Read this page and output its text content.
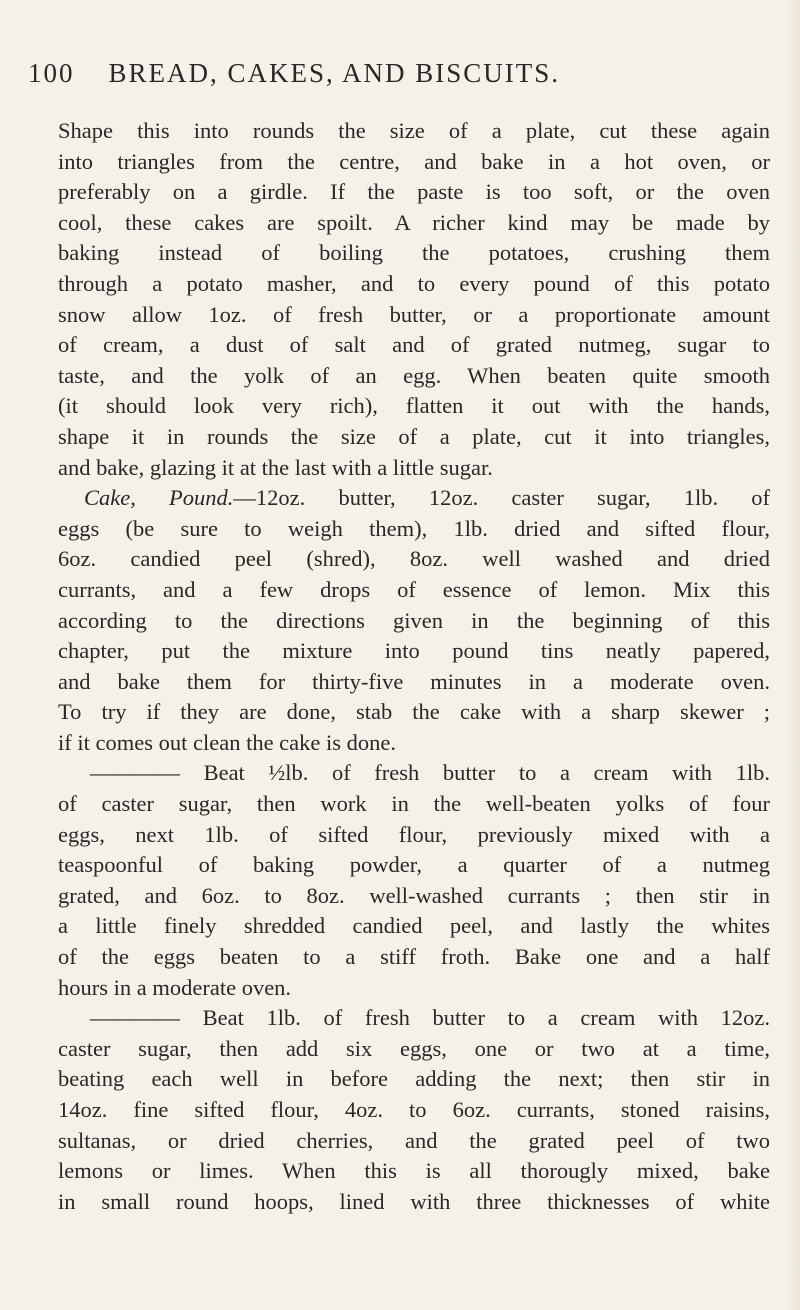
100 BREAD, CAKES, AND BISCUITS.
Shape this into rounds the size of a plate, cut these again
into triangles from the centre, and bake in a hot oven, or
preferably on a girdle. If the paste is too soft, or the oven
cool, these cakes are spoilt. A richer kind may be made by
baking instead of boiling the potatoes, crushing them
through a potato masher, and to every pound of this potato
snow allow 1oz. of fresh butter, or a proportionate amount
of cream, a dust of salt and of grated nutmeg, sugar to
taste, and the yolk of an egg. When beaten quite smooth
(it should look very rich), flatten it out with the hands,
shape it in rounds the size of a plate, cut it into triangles,
and bake, glazing it at the last with a little sugar.
Cake, Pound.—12oz. butter, 12oz. caster sugar, 1lb. of
eggs (be sure to weigh them), 1lb. dried and sifted flour,
6oz. candied peel (shred), 8oz. well washed and dried
currants, and a few drops of essence of lemon. Mix this
according to the directions given in the beginning of this
chapter, put the mixture into pound tins neatly papered,
and bake them for thirty-five minutes in a moderate oven.
To try if they are done, stab the cake with a sharp skewer ;
if it comes out clean the cake is done.
———— Beat ½lb. of fresh butter to a cream with 1lb.
of caster sugar, then work in the well-beaten yolks of four
eggs, next 1lb. of sifted flour, previously mixed with a
teaspoonful of baking powder, a quarter of a nutmeg
grated, and 6oz. to 8oz. well-washed currants ; then stir in
a little finely shredded candied peel, and lastly the whites
of the eggs beaten to a stiff froth. Bake one and a half
hours in a moderate oven.
———— Beat 1lb. of fresh butter to a cream with 12oz.
caster sugar, then add six eggs, one or two at a time,
beating each well in before adding the next; then stir in
14oz. fine sifted flour, 4oz. to 6oz. currants, stoned raisins,
sultanas, or dried cherries, and the grated peel of two
lemons or limes. When this is all thorougly mixed, bake
in small round hoops, lined with three thicknesses of white
